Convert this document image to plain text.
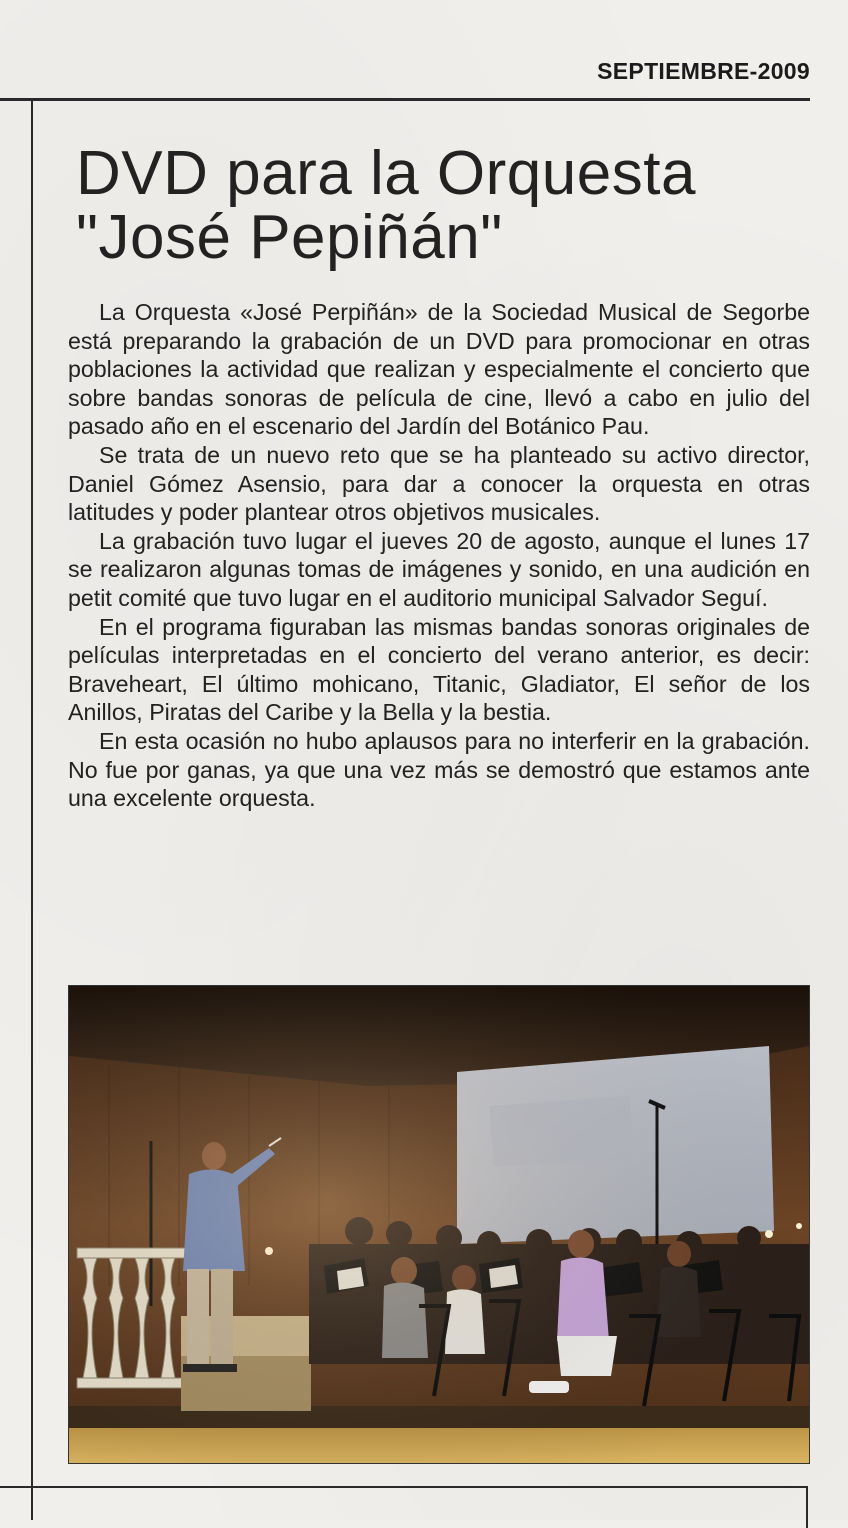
SEPTIEMBRE-2009
DVD para la Orquesta
"José Pepiñán"

La Orquesta «José Perpiñán» de la Sociedad Musical de Segorbe está preparando la grabación de un DVD para promocionar en otras poblaciones la actividad que realizan y especialmente el concierto que sobre bandas sonoras de película de cine, llevó a cabo en julio del pasado año en el escenario del Jardín del Botánico Pau.

Se trata de un nuevo reto que se ha planteado su activo director, Daniel Gómez Asensio, para dar a conocer la orquesta en otras latitudes y poder plantear otros objetivos musicales.

La grabación tuvo lugar el jueves 20 de agosto, aunque el lunes 17 se realizaron algunas tomas de imágenes y sonido, en una audición en petit comité que tuvo lugar en el auditorio municipal Salvador Seguí.

En el programa figuraban las mismas bandas sonoras originales de películas interpretadas en el concierto del verano anterior, es decir: Braveheart, El último mohicano, Titanic, Gladiator, El señor de los Anillos, Piratas del Caribe y la Bella y la bestia.

En esta ocasión no hubo aplausos para no interferir en la grabación. No fue por ganas, ya que una vez más se demostró que estamos ante una excelente orquesta.
